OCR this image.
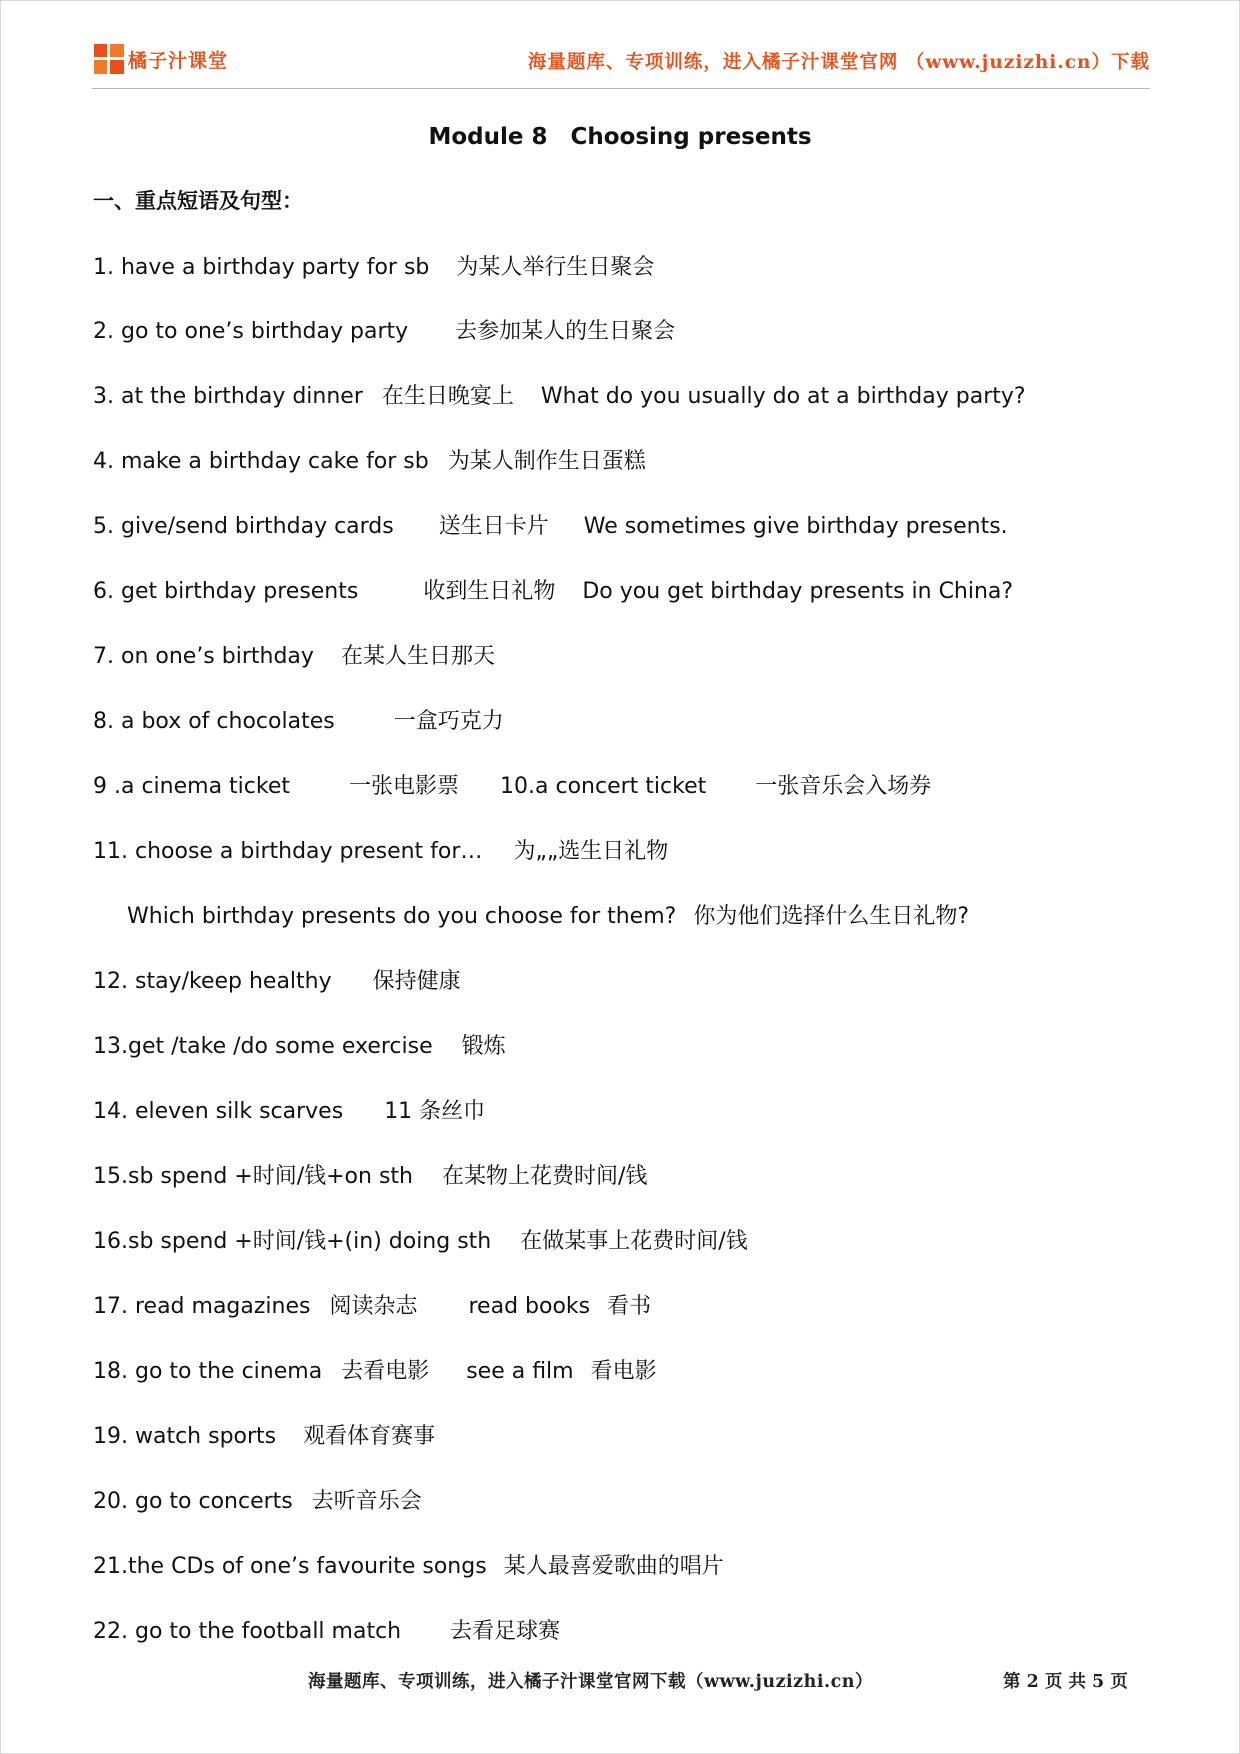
橘子汁课堂	海量题库、专项训练，进入橘子汁课堂官网 （www.juzizhi.cn）下载
Module 8　Choosing presents
一、重点短语及句型：
1. have a birthday party for sb 为某人举行生日聚会
2. go to one’s birthday party 去参加某人的生日聚会
3. at the birthday dinner 在生日晚宴上 What do you usually do at a birthday party?
4. make a birthday cake for sb 为某人制作生日蛋糕
5. give/send birthday cards 送生日卡片 We sometimes give birthday presents.
6. get birthday presents	收到生日礼物 Do you get birthday presents in China?
7. on one’s birthday 在某人生日那天
8. a box of chocolates	一盒巧克力
9 .a cinema ticket	一张电影票 10.a concert ticket 一张音乐会入场券
11. choose a birthday present for… 为„„选生日礼物
Which birthday presents do you choose for them? 你为他们选择什么生日礼物?
12. stay/keep healthy 保持健康
13.get /take /do some exercise 锻炼
14. eleven silk scarves 11 条丝巾
15.sb spend +时间/钱+on sth 在某物上花费时间/钱
16.sb spend +时间/钱+(in) doing sth 在做某事上花费时间/钱
17. read magazines 阅读杂志 read books 看书
18. go to the cinema 去看电影 see a film 看电影
19. watch sports 观看体育赛事
20. go to concerts 去听音乐会
21.the CDs of one’s favourite songs 某人最喜爱歌曲的唱片
22. go to the football match 去看足球赛
海量题库、专项训练，进入橘子汁课堂官网下载（www.juzizhi.cn）	第 2 页 共 5 页
